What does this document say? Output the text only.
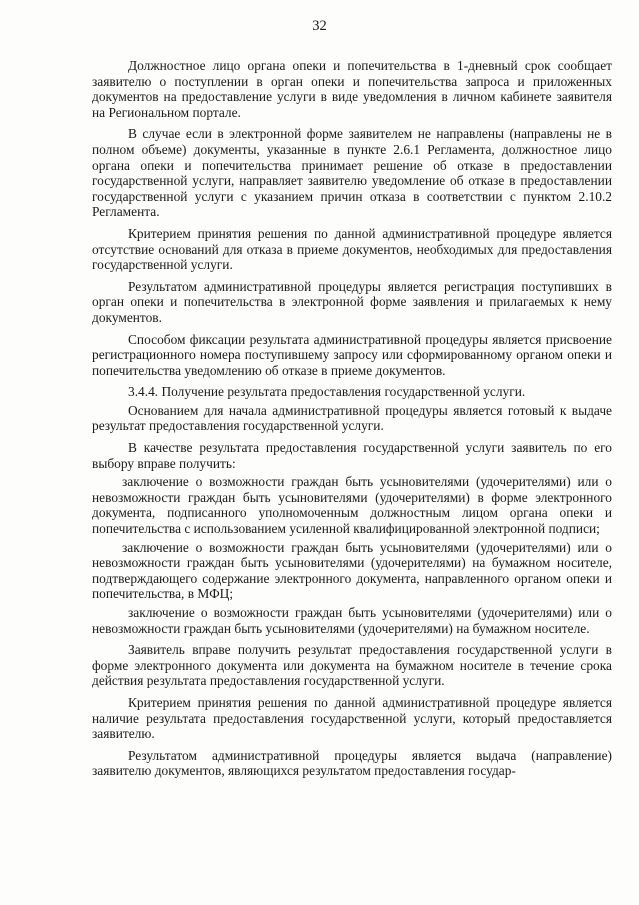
32

Должностное лицо органа опеки и попечительства в 1-дневный срок сообщает заявителю о поступлении в орган опеки и попечительства запроса и приложенных документов на предоставление услуги в виде уведомления в личном кабинете заявителя на Региональном портале.

В случае если в электронной форме заявителем не направлены (направлены не в полном объеме) документы, указанные в пункте 2.6.1 Регламента, должностное лицо органа опеки и попечительства принимает решение об отказе в предоставлении государственной услуги, направляет заявителю уведомление об отказе в предоставлении государственной услуги с указанием причин отказа в соответствии с пунктом 2.10.2 Регламента.

Критерием принятия решения по данной административной процедуре является отсутствие оснований для отказа в приеме документов, необходимых для предоставления государственной услуги.

Результатом административной процедуры является регистрация поступивших в орган опеки и попечительства в электронной форме заявления и прилагаемых к нему документов.

Способом фиксации результата административной процедуры является присвоение регистрационного номера поступившему запросу или сформированному органом опеки и попечительства уведомлению об отказе в приеме документов.

3.4.4. Получение результата предоставления государственной услуги.

Основанием для начала административной процедуры является готовый к выдаче результат предоставления государственной услуги.

В качестве результата предоставления государственной услуги заявитель по его выбору вправе получить:

заключение о возможности граждан быть усыновителями (удочерителями) или о невозможности граждан быть усыновителями (удочерителями) в форме электронного документа, подписанного уполномоченным должностным лицом органа опеки и попечительства с использованием усиленной квалифицированной электронной подписи;

заключение о возможности граждан быть усыновителями (удочерителями) или о невозможности граждан быть усыновителями (удочерителями) на бумажном носителе, подтверждающего содержание электронного документа, направленного органом опеки и попечительства, в МФЦ;

заключение о возможности граждан быть усыновителями (удочерителями) или о невозможности граждан быть усыновителями (удочерителями) на бумажном носителе.

Заявитель вправе получить результат предоставления государственной услуги в форме электронного документа или документа на бумажном носителе в течение срока действия результата предоставления государственной услуги.

Критерием принятия решения по данной административной процедуре является наличие результата предоставления государственной услуги, который предоставляется заявителю.

Результатом административной процедуры является выдача (направление) заявителю документов, являющихся результатом предоставления государ-
